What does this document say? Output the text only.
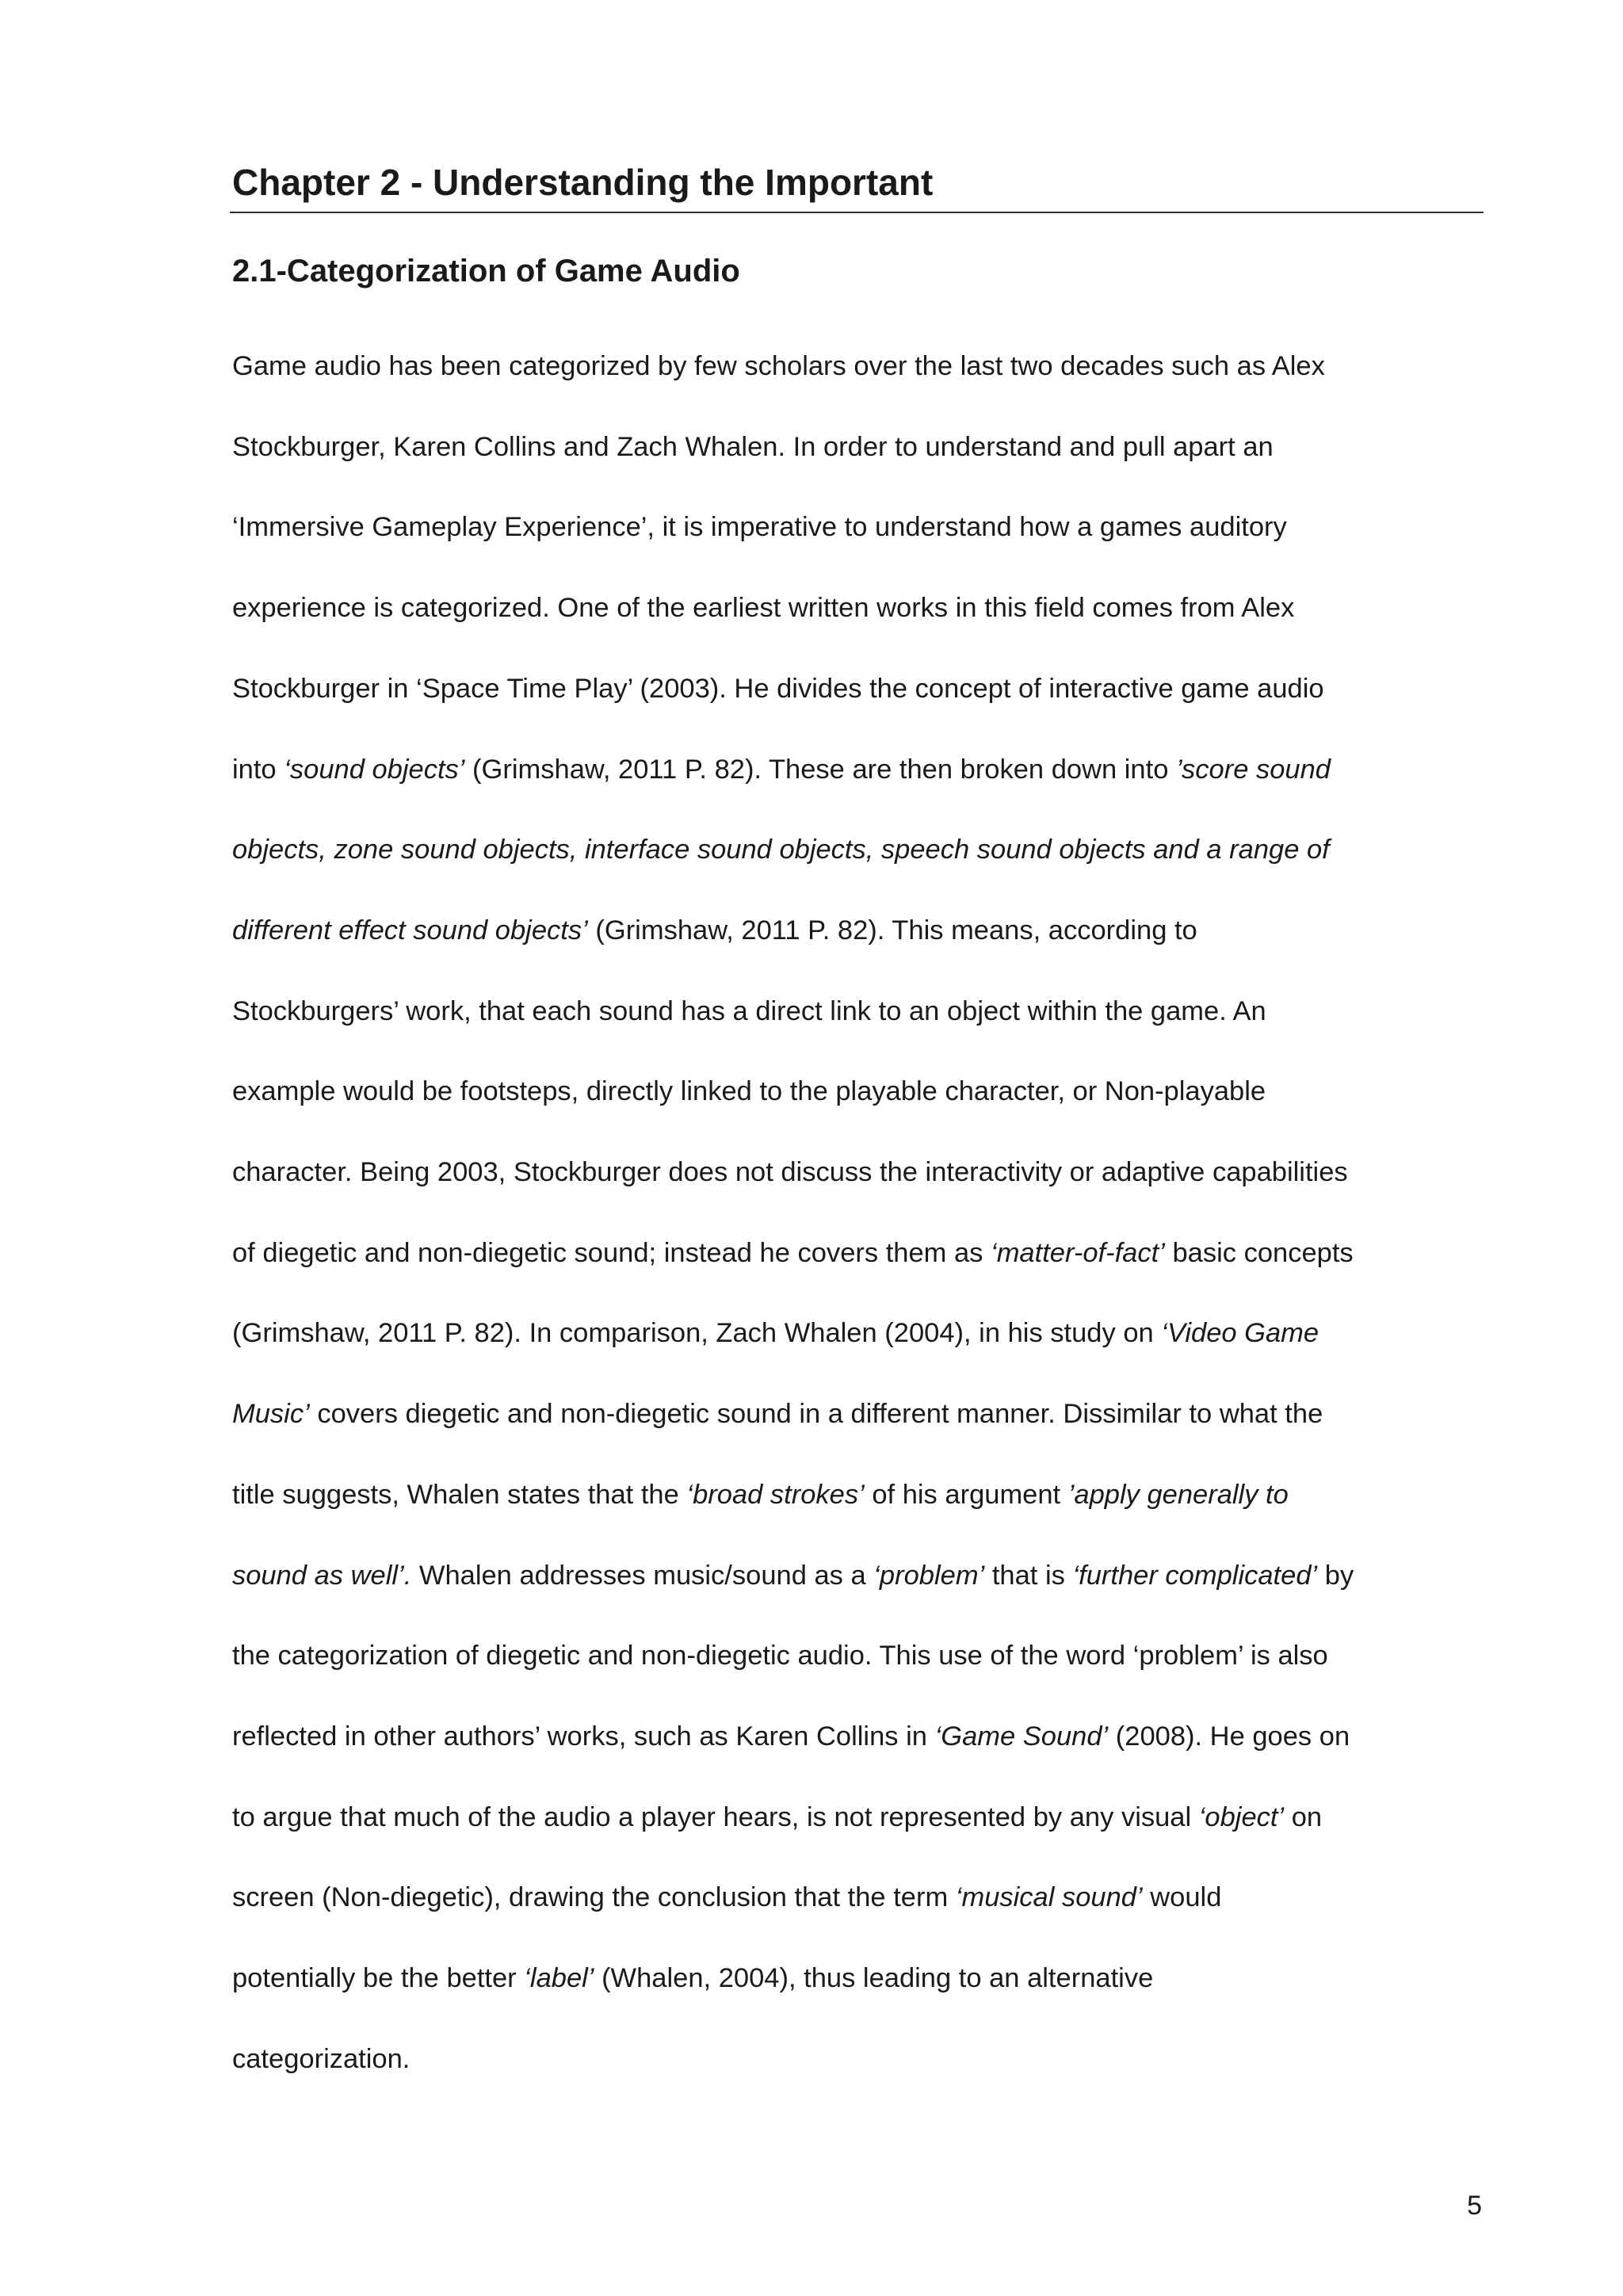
Chapter 2 - Understanding the Important
2.1-Categorization of Game Audio
Game audio has been categorized by few scholars over the last two decades such as Alex
Stockburger, Karen Collins and Zach Whalen. In order to understand and pull apart an
‘Immersive Gameplay Experience’, it is imperative to understand how a games auditory
experience is categorized. One of the earliest written works in this field comes from Alex
Stockburger in ‘Space Time Play’ (2003). He divides the concept of interactive game audio
into ‘sound objects’ (Grimshaw, 2011 P. 82). These are then broken down into ’score sound
objects, zone sound objects, interface sound objects, speech sound objects and a range of
different effect sound objects’ (Grimshaw, 2011 P. 82). This means, according to
Stockburgers’ work, that each sound has a direct link to an object within the game. An
example would be footsteps, directly linked to the playable character, or Non-playable
character. Being 2003, Stockburger does not discuss the interactivity or adaptive capabilities
of diegetic and non-diegetic sound; instead he covers them as ‘matter-of-fact’ basic concepts
(Grimshaw, 2011 P. 82). In comparison, Zach Whalen (2004), in his study on ‘Video Game
Music’ covers diegetic and non-diegetic sound in a different manner. Dissimilar to what the
title suggests, Whalen states that the ‘broad strokes’ of his argument ’apply generally to
sound as well’. Whalen addresses music/sound as a ‘problem’ that is ‘further complicated’ by
the categorization of diegetic and non-diegetic audio. This use of the word ‘problem’ is also
reflected in other authors’ works, such as Karen Collins in ‘Game Sound’ (2008). He goes on
to argue that much of the audio a player hears, is not represented by any visual ‘object’ on
screen (Non-diegetic), drawing the conclusion that the term ‘musical sound’ would
potentially be the better ‘label’ (Whalen, 2004), thus leading to an alternative
categorization.
5
